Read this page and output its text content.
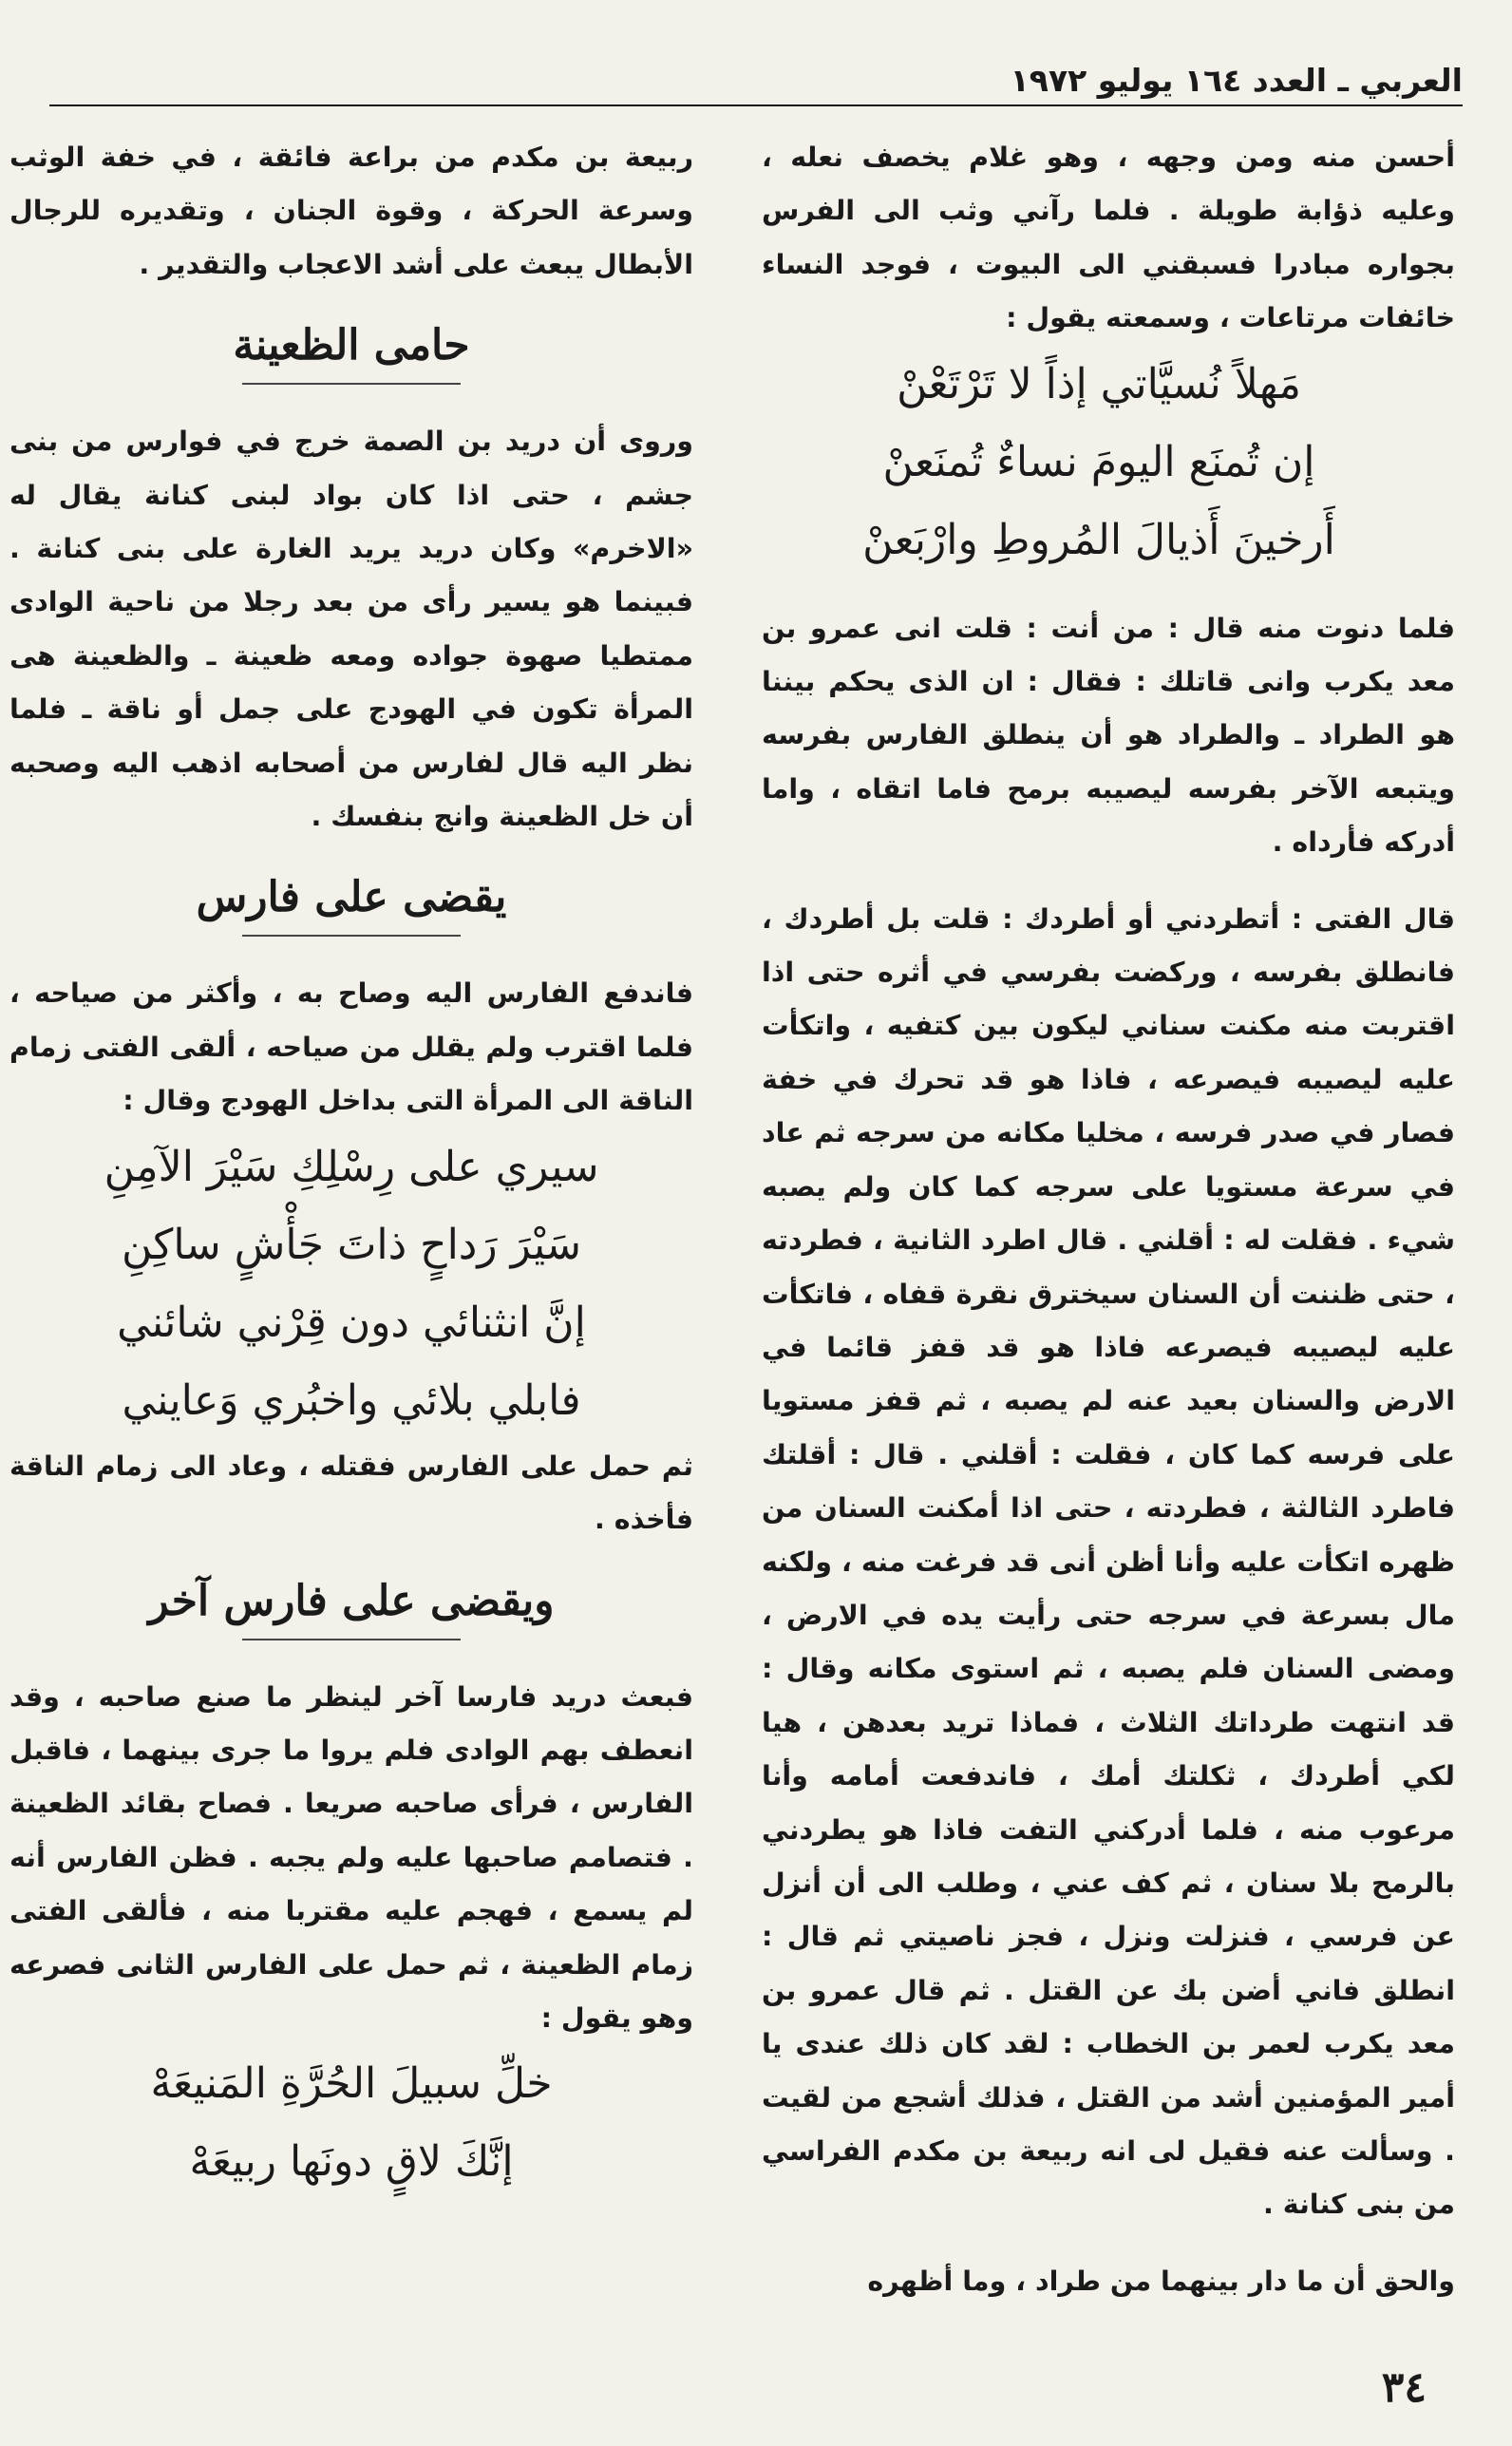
العربي ـ العدد ١٦٤ يوليو ١٩٧٢

أحسن منه ومن وجهه ، وهو غلام يخصف نعله ، وعليه ذؤابة طويلة . فلما رآني وثب الى الفرس بجواره مبادرا فسبقني الى البيوت ، فوجد النساء خائفات مرتاعات ، وسمعته يقول :

مَهلاً نُسيَّاتي إذاً لا تَرْتَعْنْ

إن تُمنَع اليومَ نساءٌ تُمنَعنْ

أَرخينَ أَذيالَ المُروطِ وارْبَعنْ

فلما دنوت منه قال : من أنت : قلت انى عمرو بن معد يكرب وانى قاتلك : فقال : ان الذى يحكم بيننا هو الطراد ـ والطراد هو أن ينطلق الفارس بفرسه ويتبعه الآخر بفرسه ليصيبه برمح فاما اتقاه ، واما أدركه فأرداه .

قال الفتى : أتطردني أو أطردك : قلت بل أطردك ، فانطلق بفرسه ، وركضت بفرسي في أثره حتى اذا اقتربت منه مكنت سناني ليكون بين كتفيه ، واتكأت عليه ليصيبه فيصرعه ، فاذا هو قد تحرك في خفة فصار في صدر فرسه ، مخليا مكانه من سرجه ثم عاد في سرعة مستويا على سرجه كما كان ولم يصبه شيء . فقلت له : أقلني . قال اطرد الثانية ، فطردته ، حتى ظننت أن السنان سيخترق نقرة قفاه ، فاتكأت عليه ليصيبه فيصرعه فاذا هو قد قفز قائما في الارض والسنان بعيد عنه لم يصبه ، ثم قفز مستويا على فرسه كما كان ، فقلت : أقلني . قال : أقلتك فاطرد الثالثة ، فطردته ، حتى اذا أمكنت السنان من ظهره اتكأت عليه وأنا أظن أنى قد فرغت منه ، ولكنه مال بسرعة في سرجه حتى رأيت يده في الارض ، ومضى السنان فلم يصبه ، ثم استوى مكانه وقال : قد انتهت طرداتك الثلاث ، فماذا تريد بعدهن ، هيا لكي أطردك ، ثكلتك أمك ، فاندفعت أمامه وأنا مرعوب منه ، فلما أدركني التفت فاذا هو يطردني بالرمح بلا سنان ، ثم كف عني ، وطلب الى أن أنزل عن فرسي ، فنزلت ونزل ، فجز ناصيتي ثم قال : انطلق فاني أضن بك عن القتل . ثم قال عمرو بن معد يكرب لعمر بن الخطاب : لقد كان ذلك عندى يا أمير المؤمنين أشد من القتل ، فذلك أشجع من لقيت . وسألت عنه فقيل لى انه ربيعة بن مكدم الفراسي من بنى كنانة .

والحق أن ما دار بينهما من طراد ، وما أظهره

ربيعة بن مكدم من براعة فائقة ، في خفة الوثب وسرعة الحركة ، وقوة الجنان ، وتقديره للرجال الأبطال يبعث على أشد الاعجاب والتقدير .

حامى الظعينة

وروى أن دريد بن الصمة خرج في فوارس من بنى جشم ، حتى اذا كان بواد لبنى كنانة يقال له «الاخرم» وكان دريد يريد الغارة على بنى كنانة . فبينما هو يسير رأى من بعد رجلا من ناحية الوادى ممتطيا صهوة جواده ومعه ظعينة ـ والظعينة هى المرأة تكون في الهودج على جمل أو ناقة ـ فلما نظر اليه قال لفارس من أصحابه اذهب اليه وصحبه أن خل الظعينة وانج بنفسك .

يقضى على فارس

فاندفع الفارس اليه وصاح به ، وأكثر من صياحه ، فلما اقترب ولم يقلل من صياحه ، ألقى الفتى زمام الناقة الى المرأة التى بداخل الهودج وقال :

سيري على رِسْلِكِ سَيْرَ الآمِنِ

سَيْرَ رَداحٍ ذاتَ جَأْشٍ ساكِنِ

إنَّ انثنائي دون قِرْني شائني

فابلي بلائي واخبُري وَعايني

ثم حمل على الفارس فقتله ، وعاد الى زمام الناقة فأخذه .

ويقضى على فارس آخر

فبعث دريد فارسا آخر لينظر ما صنع صاحبه ، وقد انعطف بهم الوادى فلم يروا ما جرى بينهما ، فاقبل الفارس ، فرأى صاحبه صريعا . فصاح بقائد الظعينة . فتصامم صاحبها عليه ولم يجبه . فظن الفارس أنه لم يسمع ، فهجم عليه مقتربا منه ، فألقى الفتى زمام الظعينة ، ثم حمل على الفارس الثانى فصرعه وهو يقول :

خلِّ سبيلَ الحُرَّةِ المَنيعَهْ

إنَّكَ لاقٍ دونَها ربيعَهْ

٣٤
